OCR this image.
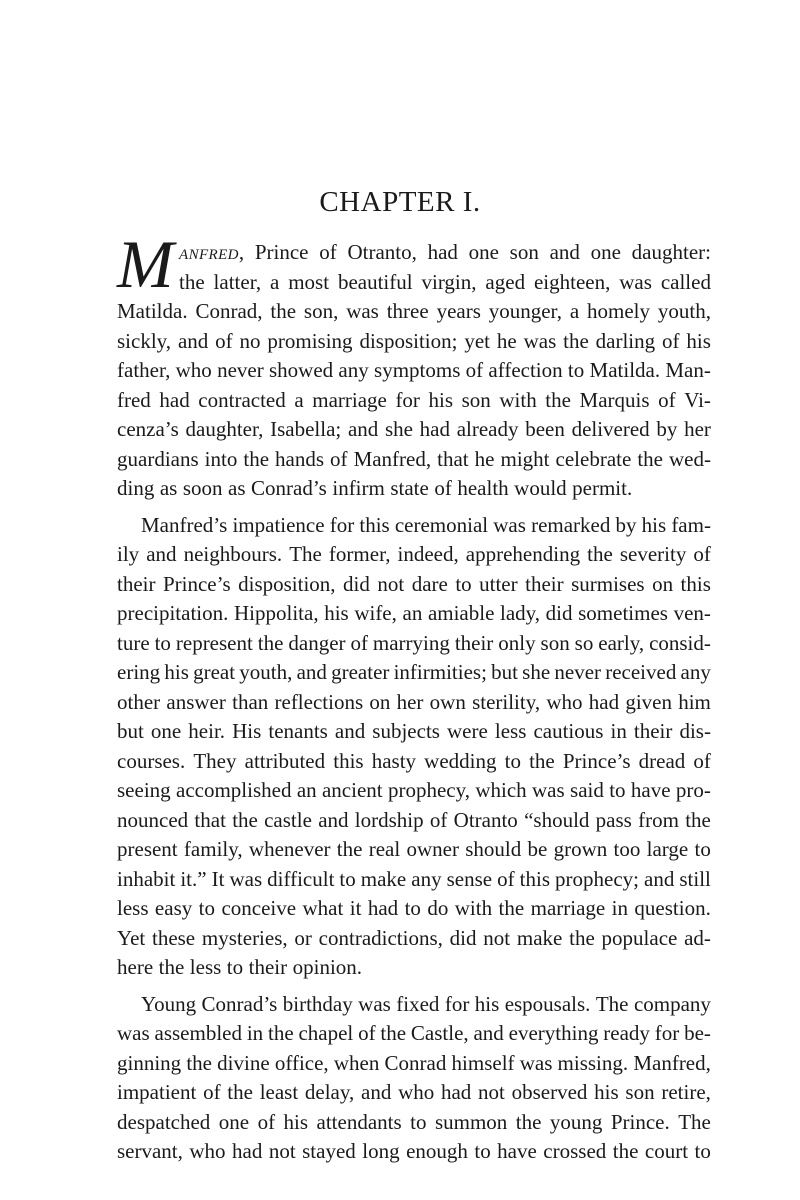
CHAPTER I.
M anfred, Prince of Otranto, had one son and one daughter:
the latter, a most beautiful virgin, aged eighteen, was called
Matilda. Conrad, the son, was three years younger, a homely youth,
sickly, and of no promising disposition; yet he was the darling of his
father, who never showed any symptoms of affection to Matilda. Man-
fred had contracted a marriage for his son with the Marquis of Vi-
cenza’s daughter, Isabella; and she had already been delivered by her
guardians into the hands of Manfred, that he might celebrate the wed-
ding as soon as Conrad’s infirm state of health would permit.
Manfred’s impatience for this ceremonial was remarked by his fam-
ily and neighbours. The former, indeed, apprehending the severity of
their Prince’s disposition, did not dare to utter their surmises on this
precipitation. Hippolita, his wife, an amiable lady, did sometimes ven-
ture to represent the danger of marrying their only son so early, consid-
ering his great youth, and greater infirmities; but she never received any
other answer than reflections on her own sterility, who had given him
but one heir. His tenants and subjects were less cautious in their dis-
courses. They attributed this hasty wedding to the Prince’s dread of
seeing accomplished an ancient prophecy, which was said to have pro-
nounced that the castle and lordship of Otranto “should pass from the
present family, whenever the real owner should be grown too large to
inhabit it.” It was difficult to make any sense of this prophecy; and still
less easy to conceive what it had to do with the marriage in question.
Yet these mysteries, or contradictions, did not make the populace ad-
here the less to their opinion.
Young Conrad’s birthday was fixed for his espousals. The company
was assembled in the chapel of the Castle, and everything ready for be-
ginning the divine office, when Conrad himself was missing. Manfred,
impatient of the least delay, and who had not observed his son retire,
despatched one of his attendants to summon the young Prince. The
servant, who had not stayed long enough to have crossed the court to
